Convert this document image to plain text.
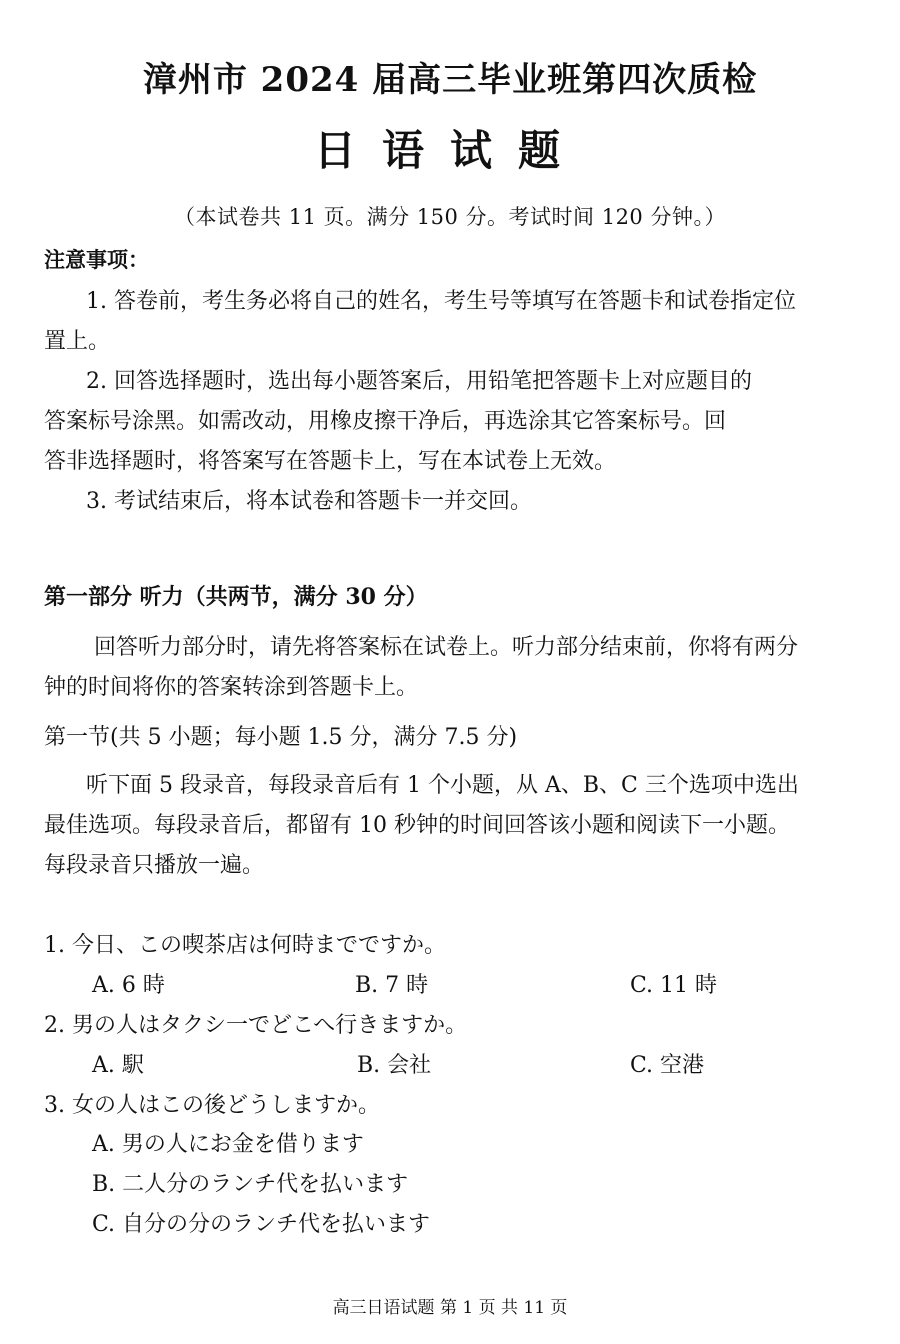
漳州市 2024 届高三毕业班第四次质检
日语试题
（本试卷共 11 页。满分 150 分。考试时间 120 分钟。）
注意事项：
1. 答卷前，考生务必将自己的姓名，考生号等填写在答题卡和试卷指定位
置上。
2. 回答选择题时，选出每小题答案后，用铅笔把答题卡上对应题目的
答案标号涂黑。如需改动，用橡皮擦干净后，再选涂其它答案标号。回
答非选择题时，将答案写在答题卡上，写在本试卷上无效。
3. 考试结束后，将本试卷和答题卡一并交回。
第一部分 听力（共两节，满分 30 分）
回答听力部分时，请先将答案标在试卷上。听力部分结束前，你将有两分
钟的时间将你的答案转涂到答题卡上。
第一节(共 5 小题；每小题 1.5 分，满分 7.5 分)
听下面 5 段录音，每段录音后有 1 个小题，从 A、B、C 三个选项中选出
最佳选项。每段录音后，都留有 10 秒钟的时间回答该小题和阅读下一小题。
每段录音只播放一遍。
1. 今日、この喫茶店は何時までですか。
A. 6 時	B. 7 時	C. 11 時
2. 男の人はタクシ一でどこへ行きますか。
A. 駅	B. 会社	C. 空港
3. 女の人はこの後どうしますか。
A. 男の人にお金を借ります
B. 二人分のランチ代を払います
C. 自分の分のランチ代を払います
高三日语试题 第 1 页 共 11 页
